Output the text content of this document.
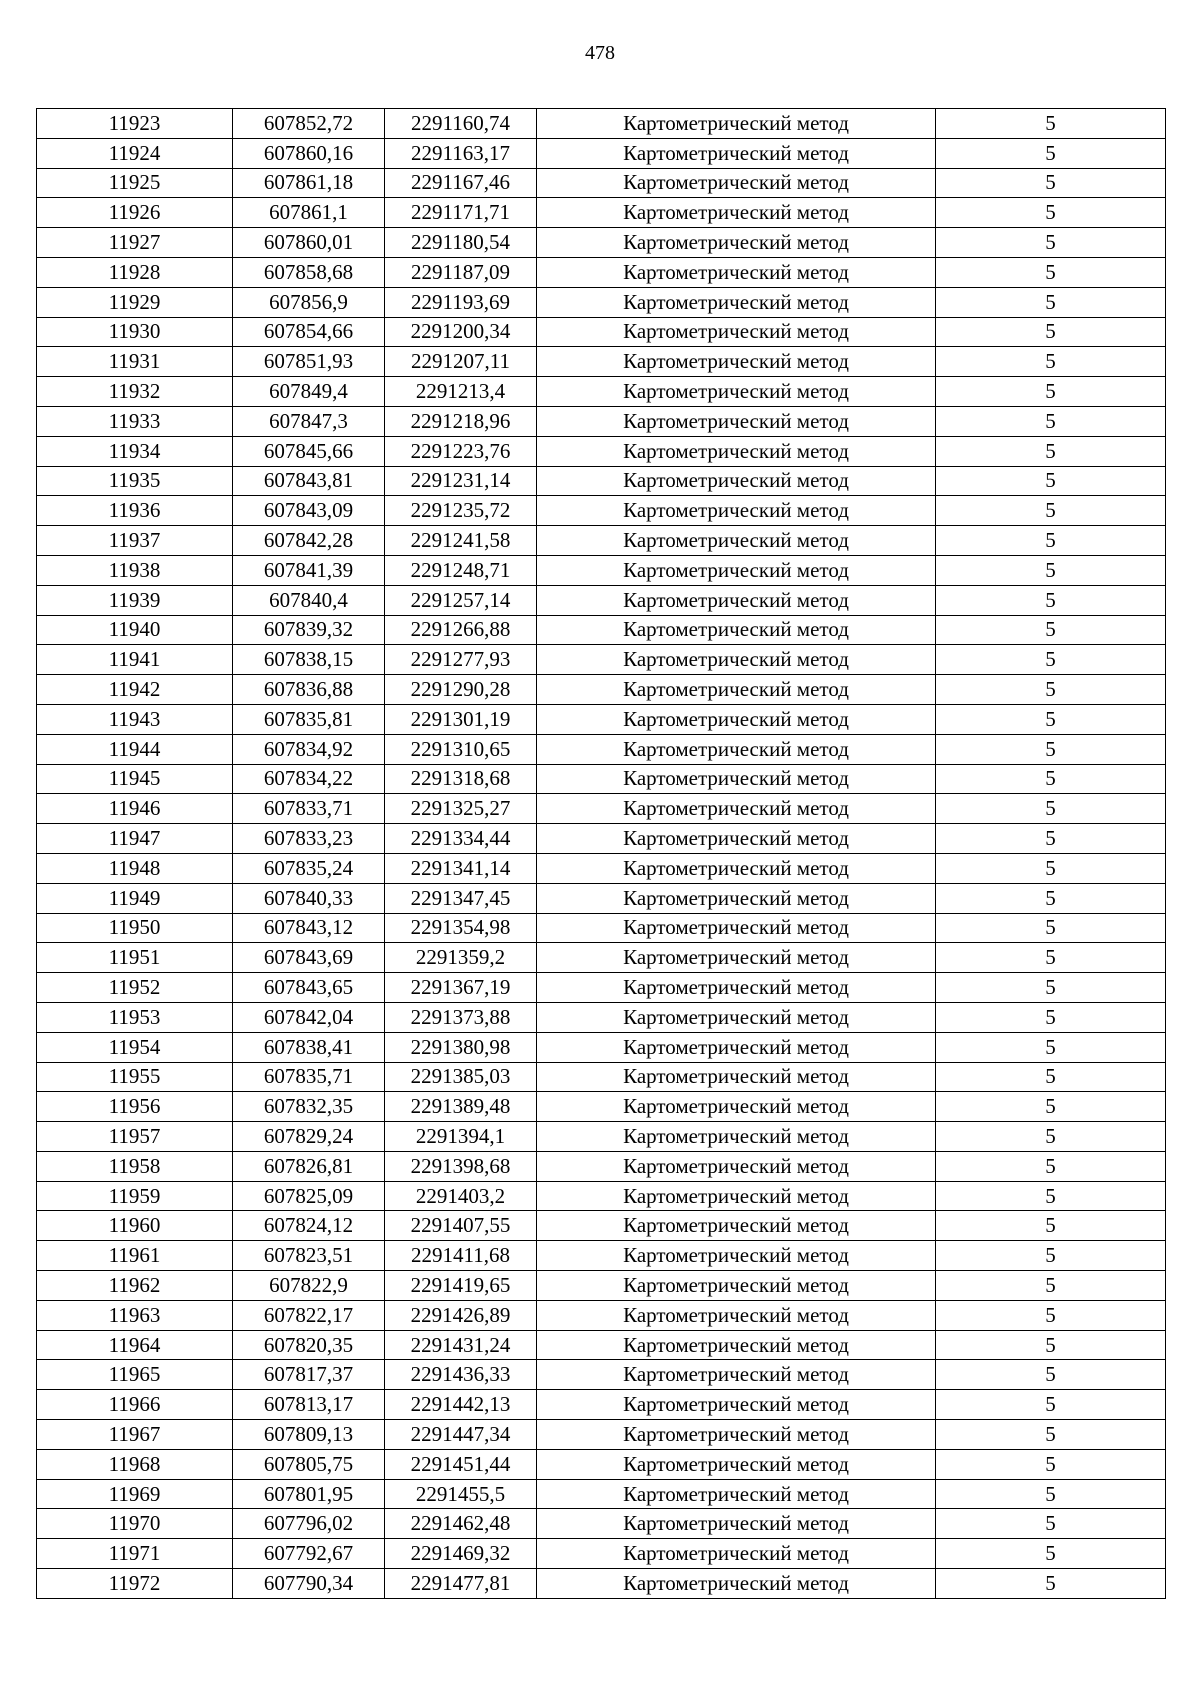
478
11923	607852,72	2291160,74	Картометрический метод	5
11924	607860,16	2291163,17	Картометрический метод	5
11925	607861,18	2291167,46	Картометрический метод	5
11926	607861,1	2291171,71	Картометрический метод	5
11927	607860,01	2291180,54	Картометрический метод	5
11928	607858,68	2291187,09	Картометрический метод	5
11929	607856,9	2291193,69	Картометрический метод	5
11930	607854,66	2291200,34	Картометрический метод	5
11931	607851,93	2291207,11	Картометрический метод	5
11932	607849,4	2291213,4	Картометрический метод	5
11933	607847,3	2291218,96	Картометрический метод	5
11934	607845,66	2291223,76	Картометрический метод	5
11935	607843,81	2291231,14	Картометрический метод	5
11936	607843,09	2291235,72	Картометрический метод	5
11937	607842,28	2291241,58	Картометрический метод	5
11938	607841,39	2291248,71	Картометрический метод	5
11939	607840,4	2291257,14	Картометрический метод	5
11940	607839,32	2291266,88	Картометрический метод	5
11941	607838,15	2291277,93	Картометрический метод	5
11942	607836,88	2291290,28	Картометрический метод	5
11943	607835,81	2291301,19	Картометрический метод	5
11944	607834,92	2291310,65	Картометрический метод	5
11945	607834,22	2291318,68	Картометрический метод	5
11946	607833,71	2291325,27	Картометрический метод	5
11947	607833,23	2291334,44	Картометрический метод	5
11948	607835,24	2291341,14	Картометрический метод	5
11949	607840,33	2291347,45	Картометрический метод	5
11950	607843,12	2291354,98	Картометрический метод	5
11951	607843,69	2291359,2	Картометрический метод	5
11952	607843,65	2291367,19	Картометрический метод	5
11953	607842,04	2291373,88	Картометрический метод	5
11954	607838,41	2291380,98	Картометрический метод	5
11955	607835,71	2291385,03	Картометрический метод	5
11956	607832,35	2291389,48	Картометрический метод	5
11957	607829,24	2291394,1	Картометрический метод	5
11958	607826,81	2291398,68	Картометрический метод	5
11959	607825,09	2291403,2	Картометрический метод	5
11960	607824,12	2291407,55	Картометрический метод	5
11961	607823,51	2291411,68	Картометрический метод	5
11962	607822,9	2291419,65	Картометрический метод	5
11963	607822,17	2291426,89	Картометрический метод	5
11964	607820,35	2291431,24	Картометрический метод	5
11965	607817,37	2291436,33	Картометрический метод	5
11966	607813,17	2291442,13	Картометрический метод	5
11967	607809,13	2291447,34	Картометрический метод	5
11968	607805,75	2291451,44	Картометрический метод	5
11969	607801,95	2291455,5	Картометрический метод	5
11970	607796,02	2291462,48	Картометрический метод	5
11971	607792,67	2291469,32	Картометрический метод	5
11972	607790,34	2291477,81	Картометрический метод	5
